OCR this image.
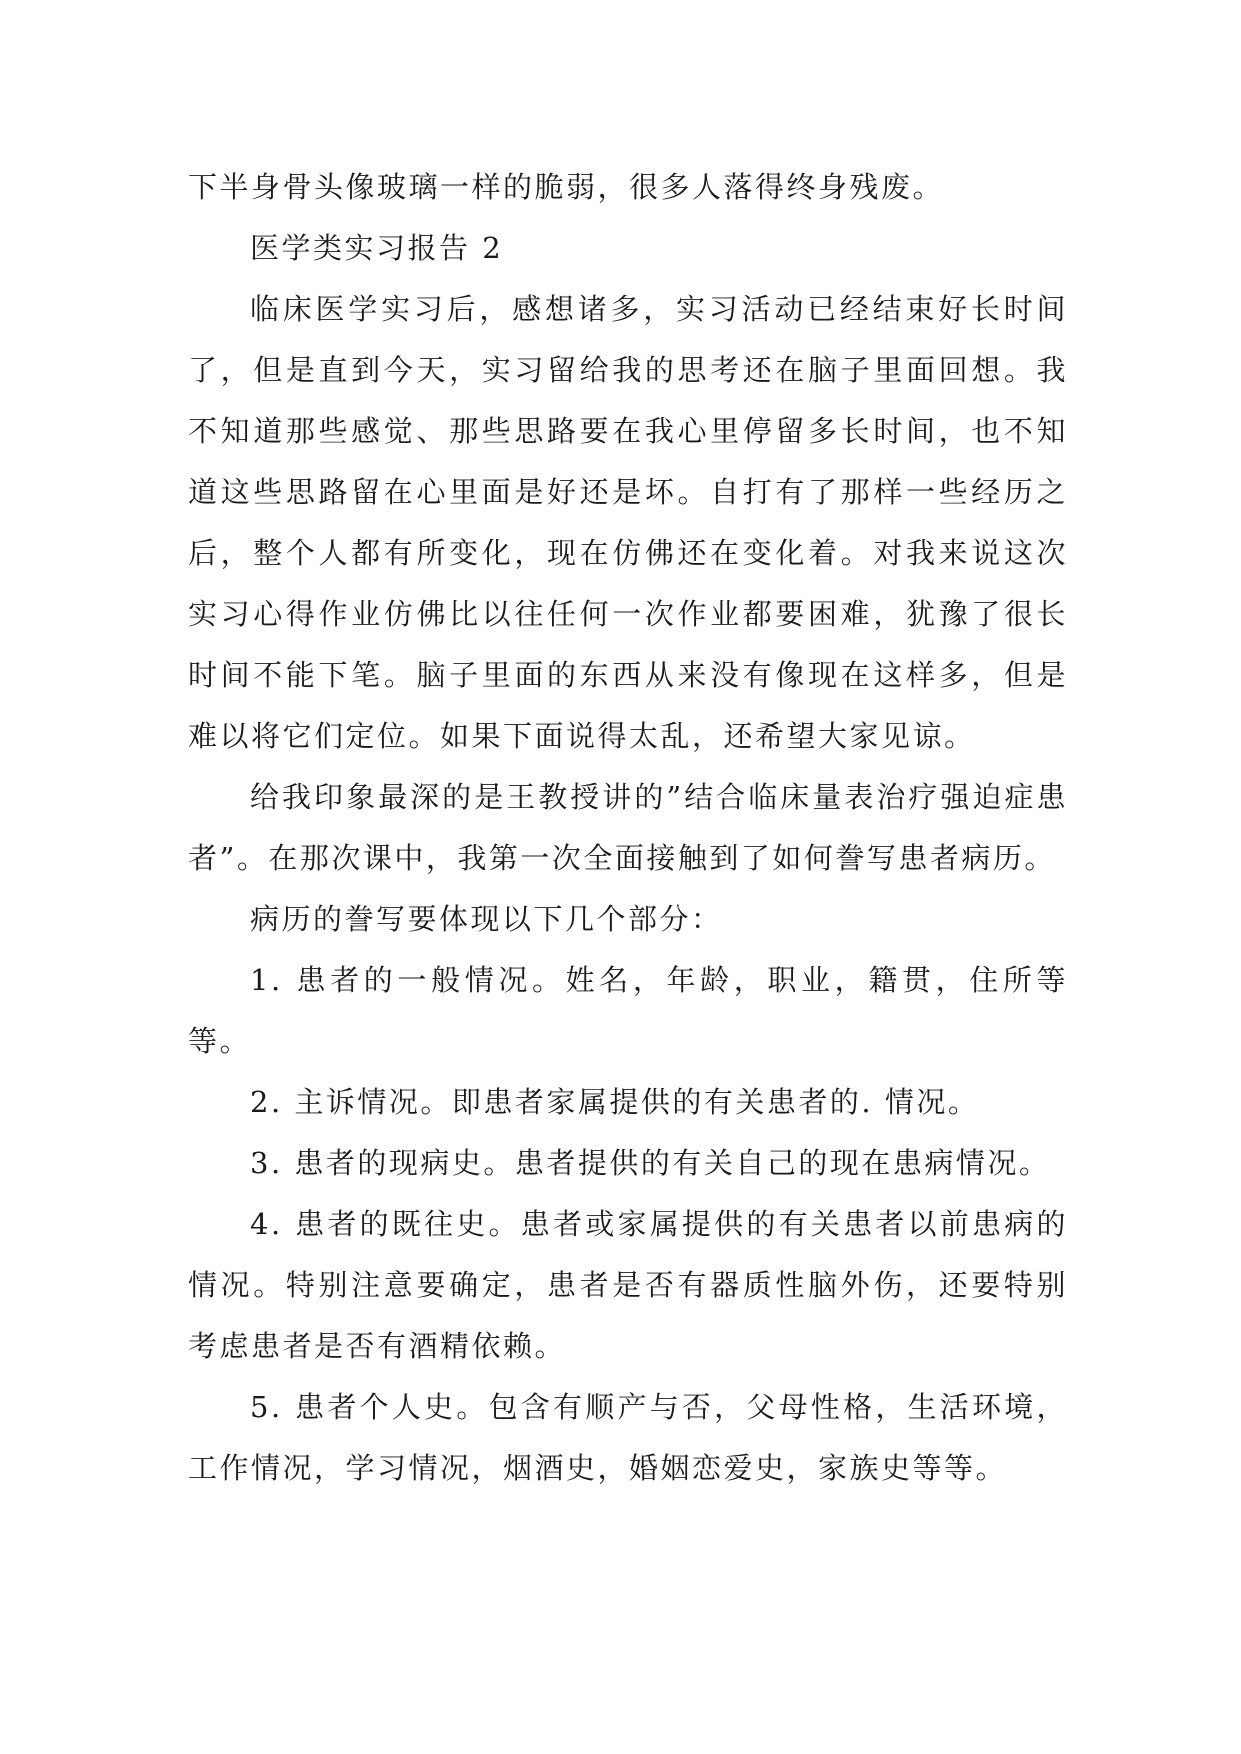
下半身骨头像玻璃一样的脆弱，很多人落得终身残废。

医学类实习报告 2

临床医学实习后，感想诸多，实习活动已经结束好长时间了，但是直到今天，实习留给我的思考还在脑子里面回想。我不知道那些感觉、那些思路要在我心里停留多长时间，也不知道这些思路留在心里面是好还是坏。自打有了那样一些经历之后，整个人都有所变化，现在仿佛还在变化着。对我来说这次实习心得作业仿佛比以往任何一次作业都要困难，犹豫了很长时间不能下笔。脑子里面的东西从来没有像现在这样多，但是难以将它们定位。如果下面说得太乱，还希望大家见谅。

给我印象最深的是王教授讲的”结合临床量表治疗强迫症患者”。在那次课中，我第一次全面接触到了如何誊写患者病历。

病历的誊写要体现以下几个部分：

1. 患者的一般情况。姓名，年龄，职业，籍贯，住所等等。

2. 主诉情况。即患者家属提供的有关患者的. 情况。

3. 患者的现病史。患者提供的有关自己的现在患病情况。

4. 患者的既往史。患者或家属提供的有关患者以前患病的情况。特别注意要确定，患者是否有器质性脑外伤，还要特别考虑患者是否有酒精依赖。

5. 患者个人史。包含有顺产与否，父母性格，生活环境，工作情况，学习情况，烟酒史，婚姻恋爱史，家族史等等。
